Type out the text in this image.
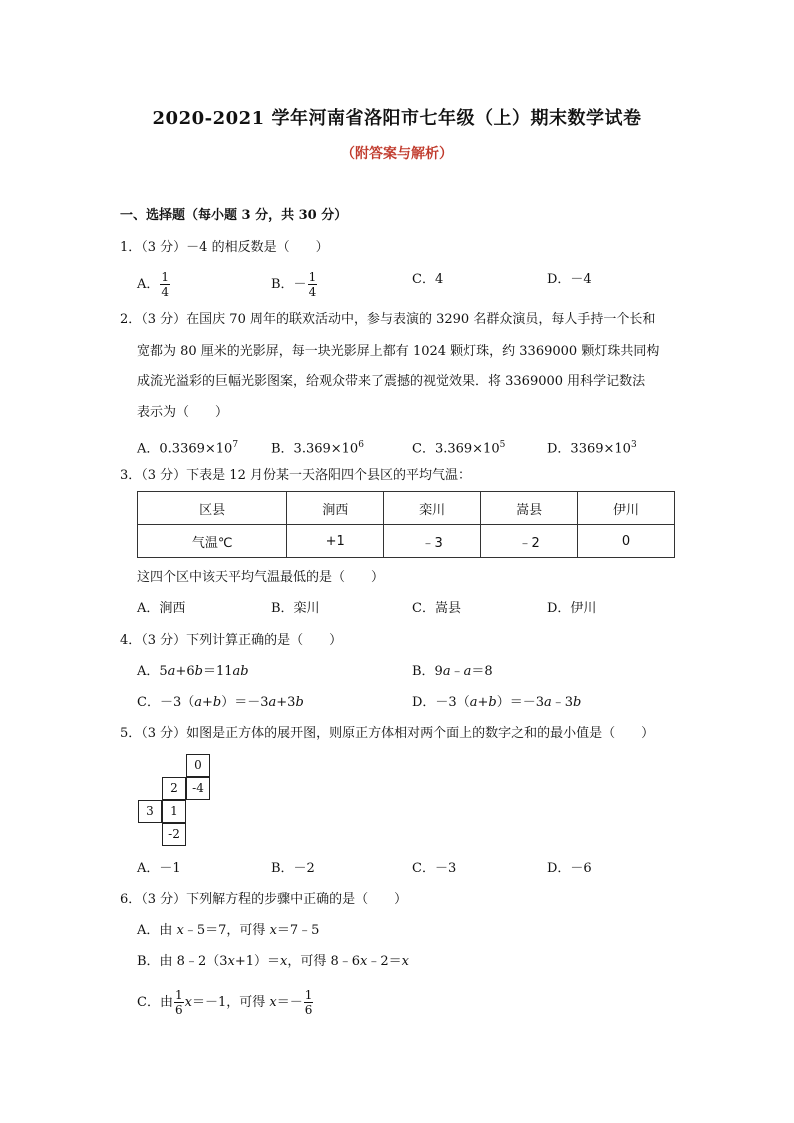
2020-2021 学年河南省洛阳市七年级（上）期末数学试卷
（附答案与解析）
一、选择题（每小题 3 分，共 30 分）
1．（3 分）－4 的相反数是（　　）
A． $\frac{1}{4}$	B．－ $\frac{1}{4}$	C．4	D．－4
2．（3 分）在国庆 70 周年的联欢活动中，参与表演的 3290 名群众演员，每人手持一个长和
宽都为 80 厘米的光影屏，每一块光影屏上都有 1024 颗灯珠，约 3369000 颗灯珠共同构
成流光溢彩的巨幅光影图案，给观众带来了震撼的视觉效果．将 3369000 用科学记数法
表示为（　　）
A．$0.3369\times 10^7$	B．$3.369\times 10^6$	C．$3.369\times 10^5$	D．$3369\times 10^3$
3．（3 分）下表是 12 月份某一天洛阳四个县区的平均气温：
区县	涧西	栾川	嵩县	伊川
气温℃	+1	﹣3	﹣2	0
这四个区中该天平均气温最低的是（　　）
A．涧西	B．栾川	C．嵩县	D．伊川
4．（3 分）下列计算正确的是（　　）
A．5a+6b＝11ab	B．9a﹣a＝8
C．－3（a+b）＝－3a+3b	D．－3（a+b）＝－3a﹣3b
5．（3 分）如图是正方体的展开图，则原正方体相对两个面上的数字之和的最小值是（　　）
0
2	-4
3	1
-2
A．－1	B．－2	C．－3	D．－6
6．（3 分）下列解方程的步骤中正确的是（　　）
A．由 x﹣5＝7，可得 x＝7﹣5
B．由 8﹣2（3x+1）＝x，可得 8﹣6x﹣2＝x
C．由 $\frac{1}{6} x=-1$，可得 $x=- \frac{1}{6}$
